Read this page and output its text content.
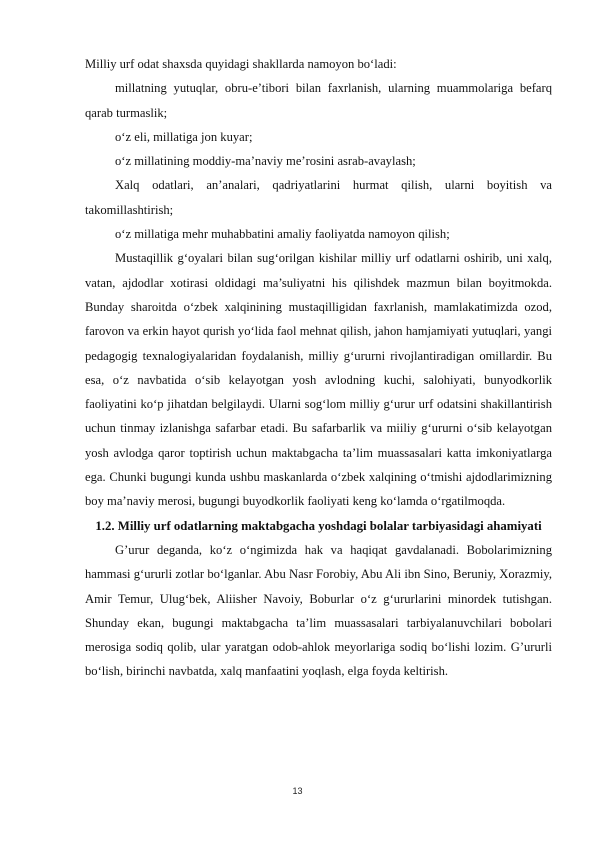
Milliy urf odat shaxsda quyidagi shakllarda namoyon bo‘ladi:

millatning yutuqlar, obru-e’tibori bilan faxrlanish, ularning muammolariga befarq qarab turmaslik;

o‘z eli, millatiga jon kuyar;

o‘z millatining moddiy-ma’naviy me’rosini asrab-avaylash;

Xalq odatlari, an’analari, qadriyatlarini hurmat qilish, ularni boyitish va takomillashtirish;

o‘z millatiga mehr muhabbatini amaliy faoliyatda namoyon qilish;

Mustaqillik g‘oyalari bilan sug‘orilgan kishilar milliy urf odatlarni oshirib, uni xalq, vatan, ajdodlar xotirasi oldidagi ma’suliyatni his qilishdek mazmun bilan boyitmokda. Bunday sharoitda o‘zbek xalqinining mustaqilligidan faxrlanish, mamlakatimizda ozod, farovon va erkin hayot qurish yo‘lida faol mehnat qilish, jahon hamjamiyati yutuqlari, yangi pedagogig texnalogiyalaridan foydalanish, milliy g‘ururni rivojlantiradigan omillardir. Bu esa, o‘z navbatida o‘sib kelayotgan yosh avlodning kuchi, salohiyati, bunyodkorlik faoliyatini ko‘p jihatdan belgilaydi. Ularni sog‘lom milliy g‘urur urf odatsini shakillantirish uchun tinmay izlanishga safarbar etadi. Bu safarbarlik va miiliy g‘ururni o‘sib kelayotgan yosh avlodga qaror toptirish uchun maktabgacha ta’lim muassasalari katta imkoniyatlarga ega. Chunki bugungi kunda ushbu maskanlarda o‘zbek xalqining o‘tmishi ajdodlarimizning boy ma’naviy merosi, bugungi buyodkorlik faoliyati keng ko‘lamda o‘rgatilmoqda.

1.2. Milliy urf odatlarning maktabgacha yoshdagi bolalar tarbiyasidagi ahamiyati

G’urur deganda, ko‘z o‘ngimizda hak va haqiqat gavdalanadi. Bobolarimizning hammasi g‘ururli zotlar bo‘lganlar. Abu Nasr Forobiy, Abu Ali ibn Sino, Beruniy, Xorazmiy, Amir Temur, Ulug‘bek, Aliisher Navoiy, Boburlar o‘z g‘ururlarini minordek tutishgan. Shunday ekan, bugungi maktabgacha ta’lim muassasalari tarbiyalanuvchilari bobolari merosiga sodiq qolib, ular yaratgan odob-ahlok meyorlariga sodiq bo‘lishi lozim. G’ururli bo‘lish, birinchi navbatda, xalq manfaatini yoqlash, elga foyda keltirish.

13
